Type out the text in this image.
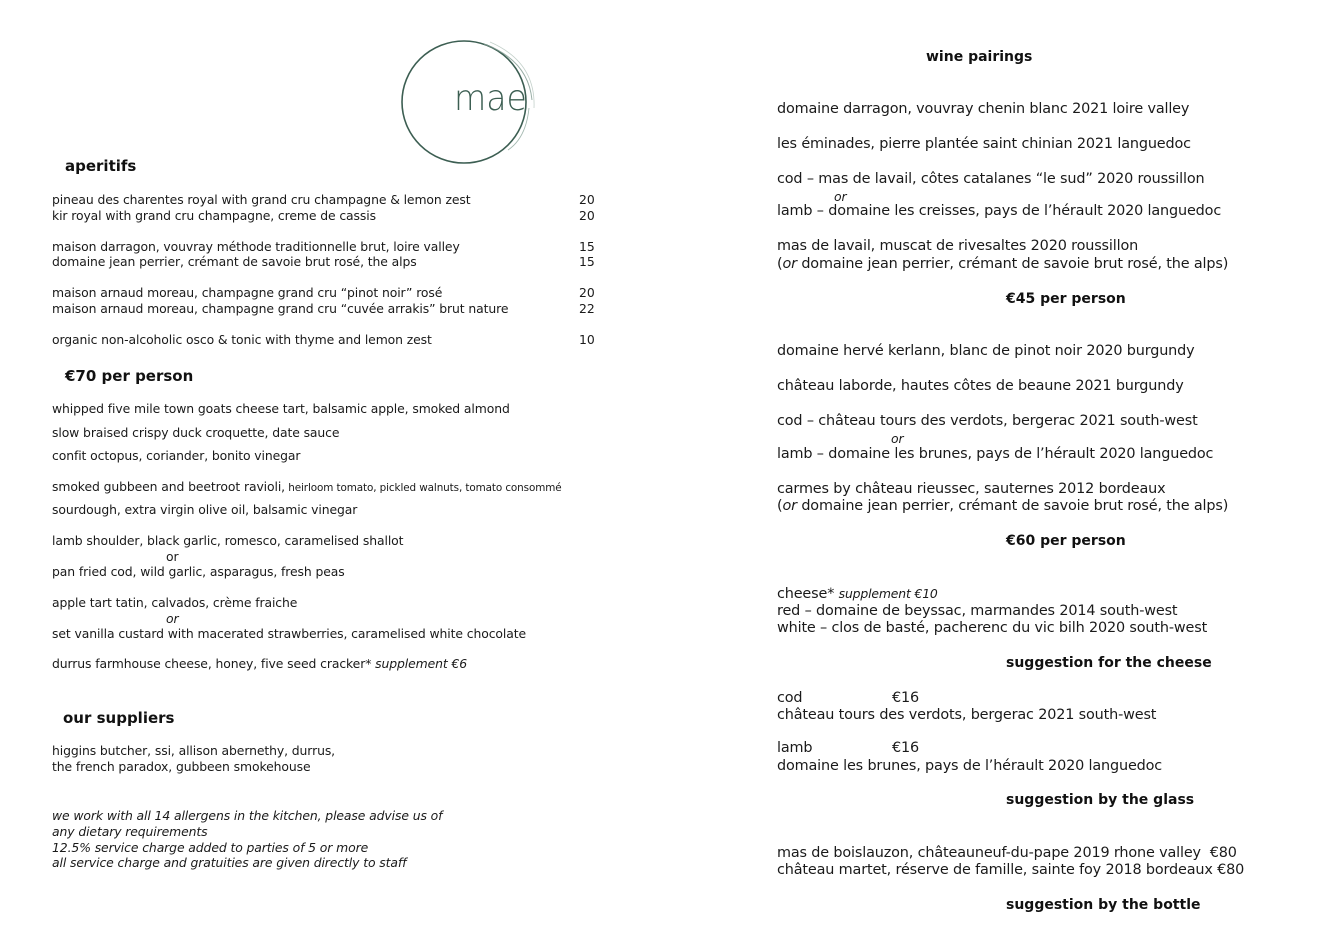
mae
aperitifs
pineau des charentes royal with grand cru champagne & lemon zest	20
kir royal with grand cru champagne, creme de cassis	20
maison darragon, vouvray méthode traditionnelle brut, loire valley	15
domaine jean perrier, crémant de savoie brut rosé, the alps	15
maison arnaud moreau, champagne grand cru “pinot noir” rosé	20
maison arnaud moreau, champagne grand cru “cuvée arrakis” brut nature	22
organic non-alcoholic osco & tonic with thyme and lemon zest	10
€70 per person
whipped five mile town goats cheese tart, balsamic apple, smoked almond
slow braised crispy duck croquette, date sauce
confit octopus, coriander, bonito vinegar
smoked gubbeen and beetroot ravioli, heirloom tomato, pickled walnuts, tomato consommé
sourdough, extra virgin olive oil, balsamic vinegar
lamb shoulder, black garlic, romesco, caramelised shallot
or
pan fried cod, wild garlic, asparagus, fresh peas
apple tart tatin, calvados, crème fraiche
or
set vanilla custard with macerated strawberries, caramelised white chocolate
durrus farmhouse cheese, honey, five seed cracker* supplement €6
our suppliers
higgins butcher, ssi, allison abernethy, durrus,
the french paradox, gubbeen smokehouse
we work with all 14 allergens in the kitchen, please advise us of
any dietary requirements
12.5% service charge added to parties of 5 or more
all service charge and gratuities are given directly to staff
wine pairings
domaine darragon, vouvray chenin blanc 2021 loire valley
les éminades, pierre plantée saint chinian 2021 languedoc
cod – mas de lavail, côtes catalanes “le sud” 2020 roussillon
or
lamb – domaine les creisses, pays de l’hérault 2020 languedoc
mas de lavail, muscat de rivesaltes 2020 roussillon
(or domaine jean perrier, crémant de savoie brut rosé, the alps)
€45 per person
domaine hervé kerlann, blanc de pinot noir 2020 burgundy
château laborde, hautes côtes de beaune 2021 burgundy
cod – château tours des verdots, bergerac 2021 south-west
or
lamb – domaine les brunes, pays de l’hérault 2020 languedoc
carmes by château rieussec, sauternes 2012 bordeaux
(or domaine jean perrier, crémant de savoie brut rosé, the alps)
€60 per person
cheese* supplement €10
red – domaine de beyssac, marmandes 2014 south-west
white – clos de basté, pacherenc du vic bilh 2020 south-west
suggestion for the cheese
cod	€16
château tours des verdots, bergerac 2021 south-west
lamb	€16
domaine les brunes, pays de l’hérault 2020 languedoc
suggestion by the glass
mas de boislauzon, châteauneuf-du-pape 2019 rhone valley  €80
château martet, réserve de famille, sainte foy 2018 bordeaux €80
suggestion by the bottle
